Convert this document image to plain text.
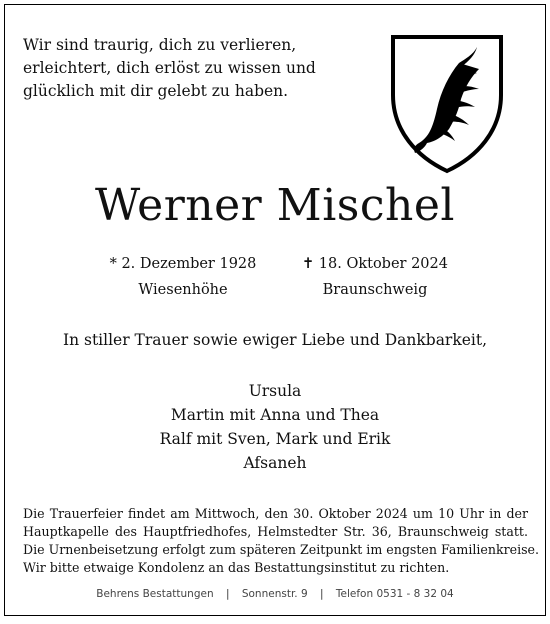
Wir sind traurig, dich zu verlieren,
erleichtert, dich erlöst zu wissen und
glücklich mit dir gelebt zu haben.
Werner Mischel
* 2. Dezember 1928
Wiesenhöhe
✝ 18. Oktober 2024
Braunschweig
In stiller Trauer sowie ewiger Liebe und Dankbarkeit,
Ursula
Martin mit Anna und Thea
Ralf mit Sven, Mark und Erik
Afsaneh
Die Trauerfeier findet am Mittwoch, den 30. Oktober 2024 um 10 Uhr in der
Hauptkapelle des Hauptfriedhofes, Helmstedter Str. 36, Braunschweig statt.
Die Urnenbeisetzung erfolgt zum späteren Zeitpunkt im engsten Familienkreise.
Wir bitte etwaige Kondolenz an das Bestattungsinstitut zu richten.
Behrens Bestattungen | Sonnenstr. 9 | Telefon 0531 - 8 32 04
